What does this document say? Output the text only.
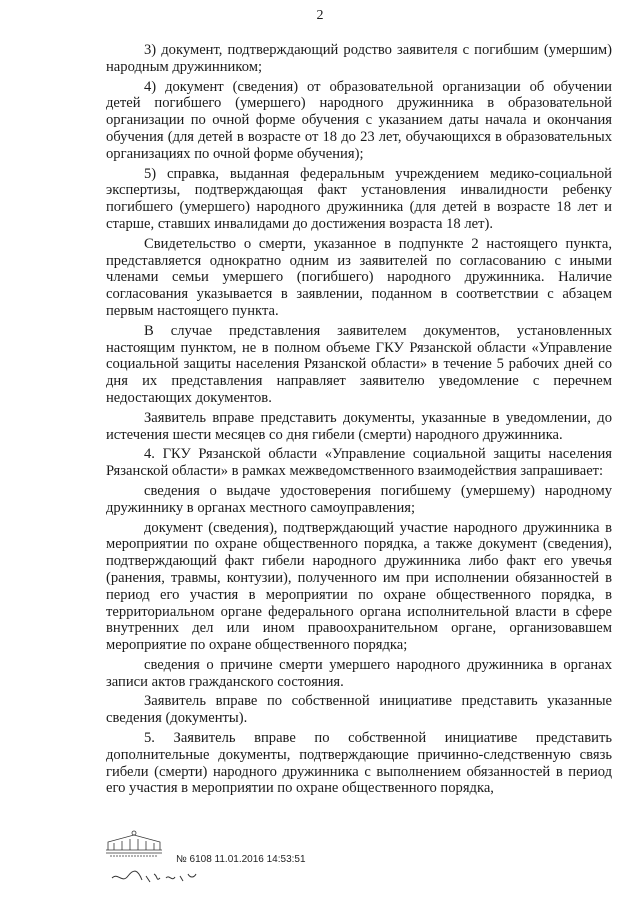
2

3) документ, подтверждающий родство заявителя с погибшим (умершим) народным дружинником;

4) документ (сведения) от образовательной организации об обучении детей погибшего (умершего) народного дружинника в образовательной организации по очной форме обучения с указанием даты начала и окончания обучения (для детей в возрасте от 18 до 23 лет, обучающихся в образовательных организациях по очной форме обучения);

5) справка, выданная федеральным учреждением медико-социальной экспертизы, подтверждающая факт установления инвалидности ребенку погибшего (умершего) народного дружинника (для детей в возрасте 18 лет и старше, ставших инвалидами до достижения возраста 18 лет).

Свидетельство о смерти, указанное в подпункте 2 настоящего пункта, представляется однократно одним из заявителей по согласованию с иными членами семьи умершего (погибшего) народного дружинника. Наличие согласования указывается в заявлении, поданном в соответствии с абзацем первым настоящего пункта.

В случае представления заявителем документов, установленных настоящим пунктом, не в полном объеме ГКУ Рязанской области «Управление социальной защиты населения Рязанской области» в течение 5 рабочих дней со дня их представления направляет заявителю уведомление с перечнем недостающих документов.

Заявитель вправе представить документы, указанные в уведомлении, до истечения шести месяцев со дня гибели (смерти) народного дружинника.

4. ГКУ Рязанской области «Управление социальной защиты населения Рязанской области» в рамках межведомственного взаимодействия запрашивает:

сведения о выдаче удостоверения погибшему (умершему) народному дружиннику в органах местного самоуправления;

документ (сведения), подтверждающий участие народного дружинника в мероприятии по охране общественного порядка, а также документ (сведения), подтверждающий факт гибели народного дружинника либо факт его увечья (ранения, травмы, контузии), полученного им при исполнении обязанностей в период его участия в мероприятии по охране общественного порядка, в территориальном органе федерального органа исполнительной власти в сфере внутренних дел или ином правоохранительном органе, организовавшем мероприятие по охране общественного порядка;

сведения о причине смерти умершего народного дружинника в органах записи актов гражданского состояния.

Заявитель вправе по собственной инициативе представить указанные сведения (документы).

5. Заявитель вправе по собственной инициативе представить дополнительные документы, подтверждающие причинно-следственную связь гибели (смерти) народного дружинника с выполнением обязанностей в период его участия в мероприятии по охране общественного порядка,

№ 6108 11.01.2016 14:53:51
